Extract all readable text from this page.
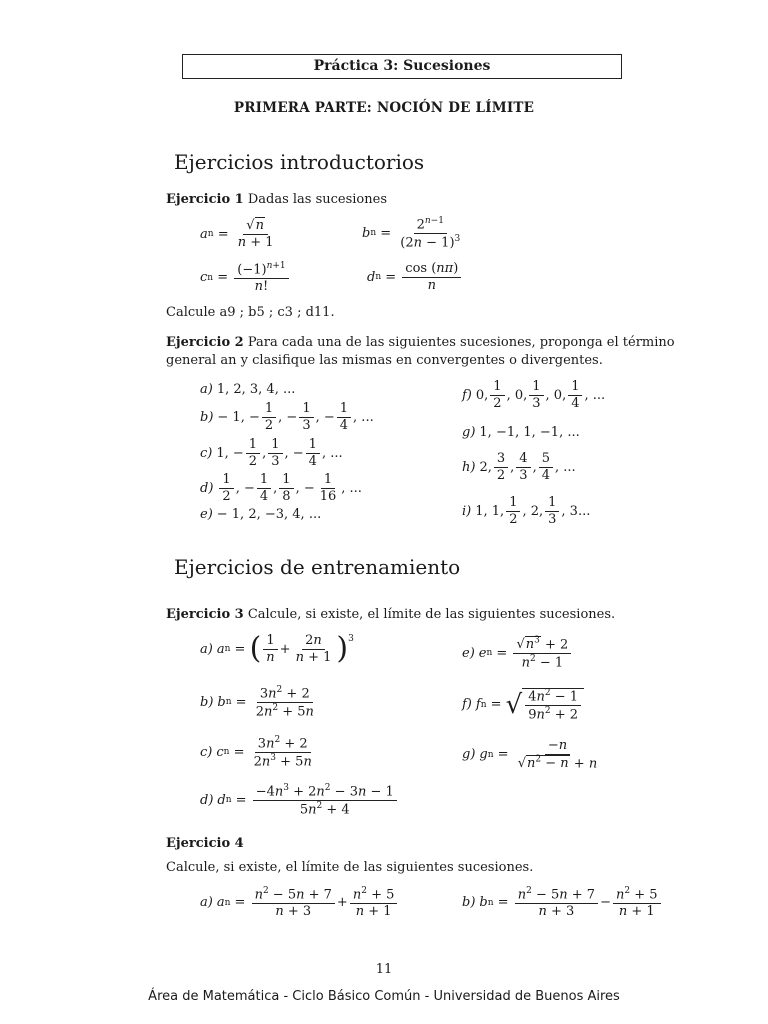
Práctica 3: Sucesiones
PRIMERA PARTE: NOCIÓN DE LÍMITE
Ejercicios introductorios
Ejercicio 1 Dadas las sucesiones
a n = √ $\frac{n}{n + 1}$	b $n = \frac{2^{n-1}}{(2n - 1)^3}$
c $n = \frac{(-1)^{n+1}}{n!}$	d $n = \frac{\cos (n\pi)}{n}$
Calcule a9 ; b5 ; c3 ; d11.
Ejercicio 2 Para cada una de las siguientes sucesiones, proponga el término general an y clasifique las mismas en convergentes o divergentes.
a) 1, 2, 3, 4, ...
b) − 1, − $\frac{1}{2}$ , − $\frac{1}{3}$ , − $\frac{1}{4}$ , ...
c) 1, − $\frac{1}{2}$ , $\frac{1}{3}$ , − $\frac{1}{4}$ , ...
$d) \frac{1}{2}$ , − $\frac{1}{4}$ , $\frac{1}{8}$ , − $\frac{1}{16}$ , ...
e) − 1, 2, −3, 4, ...
f) 0, $\frac{1}{2}$ , 0, $\frac{1}{3}$ , 0, $\frac{1}{4}$ , ...
g) 1, −1, 1, −1, ...
h) 2, $\frac{3}{2}$ , $\frac{4}{3}$ , $\frac{5}{4}$ , ...
i) 1, 1, $\frac{1}{2}$ , 2, $\frac{1}{3}$ , 3...
Ejercicios de entrenamiento
Ejercicio 3 Calcule, si existe, el límite de las siguientes sucesiones.
a) a n = ( $\frac{1}{n} + \frac{2n}{n + 1} )^3$
e) e n = √ $\frac{n^3 + 2}{n^2 - 1}$
b) b $n = \frac{3n^2 + 2}{2n^2 + 5n}$	f) f n = √ $\frac{4n^2 - 1}{9n^2 + 2}$
c) c $n = \frac{3n^2 + 2}{2n^3 + 5n}$	g) g n = −n
√ $n^2 - n + n$
d) d $n = \frac{-4n^3 + 2n^2 - 3n - 1}{5n^2 + 4}$
Ejercicio 4
Calcule, si existe, el límite de las siguientes sucesiones.
a) a $n = \frac{n^2 - 5n + 7}{n + 3} + \frac{n^2 + 5}{n + 1}$	b) b $n = \frac{n^2 - 5n + 7}{n + 3} - \frac{n^2 + 5}{n + 1}$
11
Área de Matemática - Ciclo Básico Común - Universidad de Buenos Aires
